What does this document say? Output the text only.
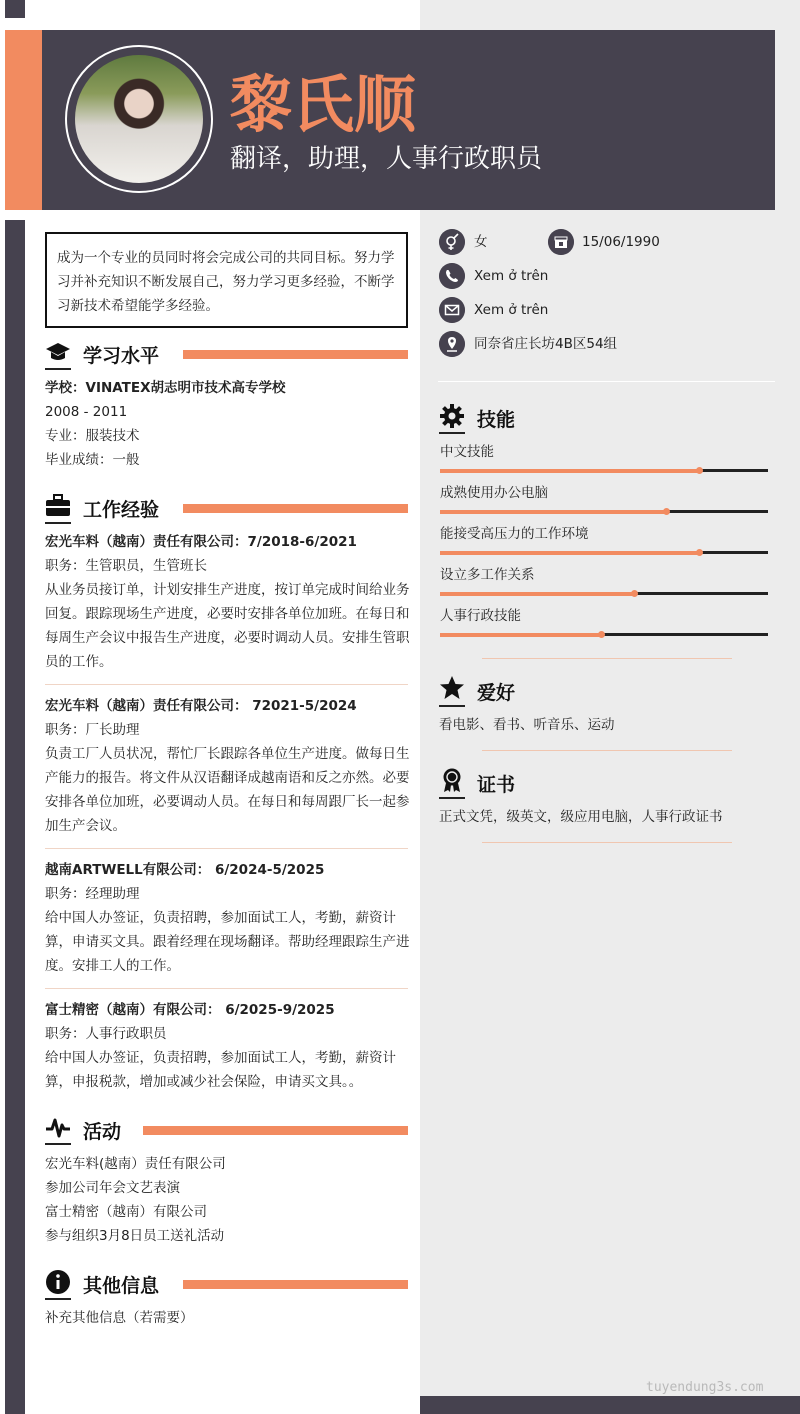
黎氏顺
翻译，助理，人事行政职员
成为一个专业的员同时将会完成公司的共同目标。努力学习并补充知识不断发展自己，努力学习更多经验，不断学习新技术希望能学多经验。
学习水平
学校：VINATEX胡志明市技术高专学校
2008 - 2011
专业：服装技术
毕业成绩：一般
工作经验
宏光车料（越南）责任有限公司：7/2018-6/2021
职务：生管职员，生管班长
从业务员接订单，计划安排生产进度，按订单完成时间给业务回复。跟踪现场生产进度，必要时安排各单位加班。在每日和每周生产会议中报告生产进度，必要时调动人员。安排生管职员的工作。
宏光车料（越南）责任有限公司： 72021-5/2024
职务：厂长助理
负责工厂人员状况，帮忙厂长跟踪各单位生产进度。做每日生产能力的报告。将文件从汉语翻译成越南语和反之亦然。必要安排各单位加班，必要调动人员。在每日和每周跟厂长一起参加生产会议。
越南ARTWELL有限公司： 6/2024-5/2025
职务：经理助理
给中国人办签证，负责招聘，参加面试工人，考勤，薪资计算，申请买文具。跟着经理在现场翻译。帮助经理跟踪生产进度。安排工人的工作。
富士精密（越南）有限公司： 6/2025-9/2025
职务：人事行政职员
给中国人办签证，负责招聘，参加面试工人，考勤，薪资计算，申报税款，增加或减少社会保险，申请买文具。。
活动
宏光车料(越南）责任有限公司
参加公司年会文艺表演
富士精密（越南）有限公司
参与组织3月8日员工送礼活动
其他信息
补充其他信息（若需要）
女	15/06/1990
Xem ở trên
Xem ở trên
同奈省庄长坊4B区54组
技能
中文技能
成熟使用办公电脑
能接受高压力的工作环境
设立多工作关系
人事行政技能
爱好
看电影、看书、听音乐、运动
证书
正式文凭，级英文，级应用电脑，人事行政证书
tuyendung3s.com
